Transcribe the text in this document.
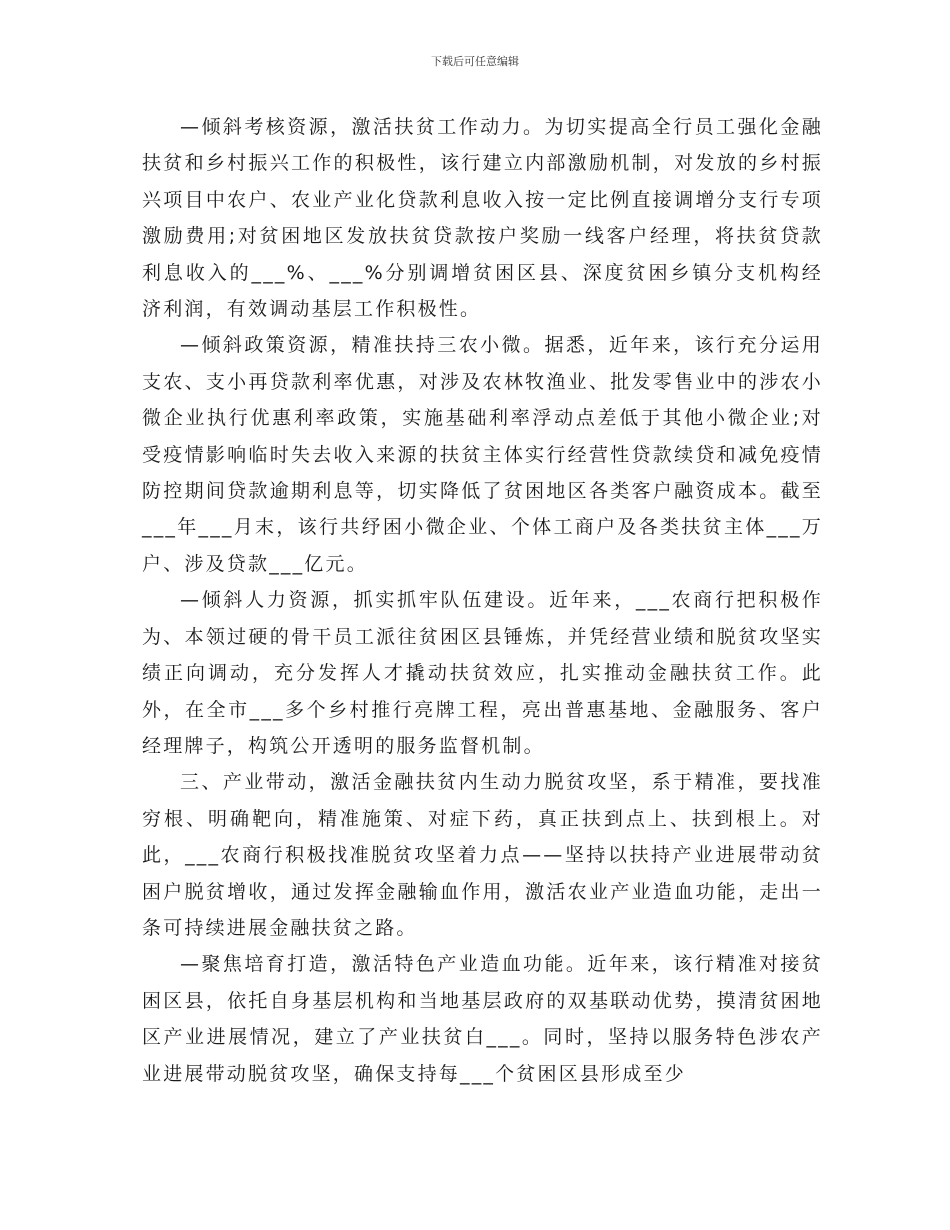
下载后可任意编辑

—倾斜考核资源，激活扶贫工作动力。为切实提高全行员工强化金融扶贫和乡村振兴工作的积极性，该行建立内部激励机制，对发放的乡村振兴项目中农户、农业产业化贷款利息收入按一定比例直接调增分支行专项激励费用;对贫困地区发放扶贫贷款按户奖励一线客户经理，将扶贫贷款利息收入的___%、___%分别调增贫困区县、深度贫困乡镇分支机构经济利润，有效调动基层工作积极性。

—倾斜政策资源，精准扶持三农小微。据悉，近年来，该行充分运用支农、支小再贷款利率优惠，对涉及农林牧渔业、批发零售业中的涉农小微企业执行优惠利率政策，实施基础利率浮动点差低于其他小微企业;对受疫情影响临时失去收入来源的扶贫主体实行经营性贷款续贷和减免疫情防控期间贷款逾期利息等，切实降低了贫困地区各类客户融资成本。截至___年___月末，该行共纾困小微企业、个体工商户及各类扶贫主体___万户、涉及贷款___亿元。

—倾斜人力资源，抓实抓牢队伍建设。近年来，___农商行把积极作为、本领过硬的骨干员工派往贫困区县锤炼，并凭经营业绩和脱贫攻坚实绩正向调动，充分发挥人才撬动扶贫效应，扎实推动金融扶贫工作。此外，在全市___多个乡村推行亮牌工程，亮出普惠基地、金融服务、客户经理牌子，构筑公开透明的服务监督机制。

三、产业带动，激活金融扶贫内生动力脱贫攻坚，系于精准，要找准穷根、明确靶向，精准施策、对症下药，真正扶到点上、扶到根上。对此，___农商行积极找准脱贫攻坚着力点——坚持以扶持产业进展带动贫困户脱贫增收，通过发挥金融输血作用，激活农业产业造血功能，走出一条可持续进展金融扶贫之路。

—聚焦培育打造，激活特色产业造血功能。近年来，该行精准对接贫困区县，依托自身基层机构和当地基层政府的双基联动优势，摸清贫困地区产业进展情况，建立了产业扶贫白___。同时，坚持以服务特色涉农产业进展带动脱贫攻坚，确保支持每___个贫困区县形成至少
